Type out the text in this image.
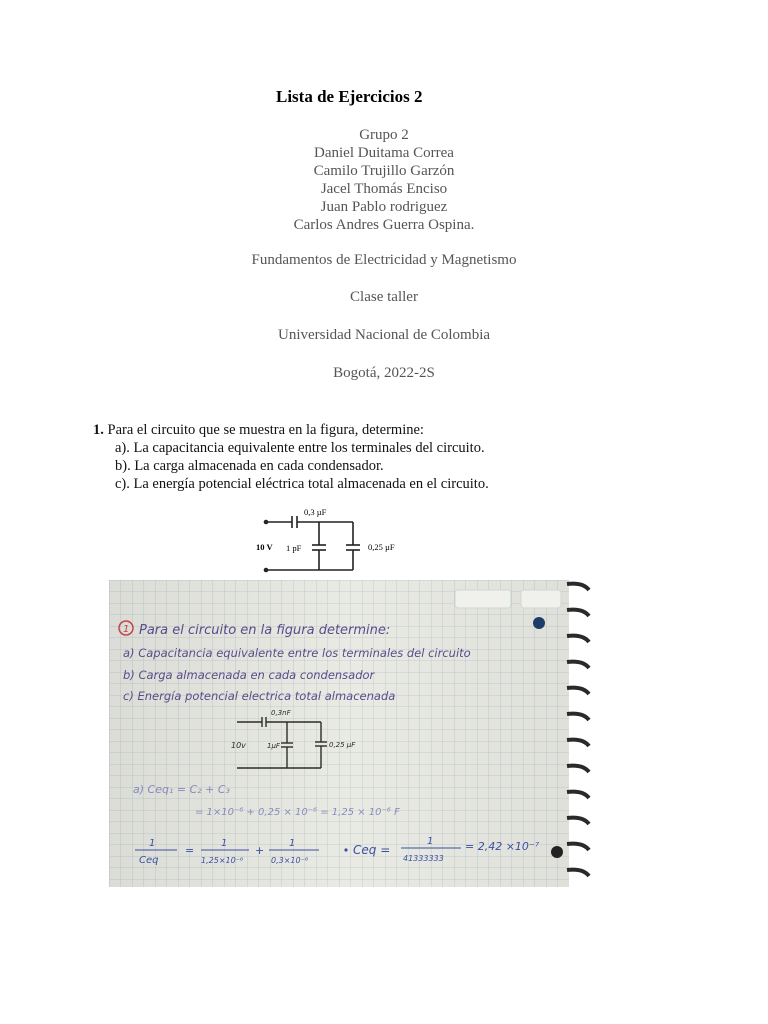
Lista de Ejercicios 2
Grupo 2
Daniel Duitama Correa
Camilo Trujillo Garzón
Jacel Thomás Enciso
Juan Pablo rodriguez
Carlos Andres Guerra Ospina.
Fundamentos de Electricidad y Magnetismo
Clase taller
Universidad Nacional de Colombia
Bogotá, 2022-2S
1. Para el circuito que se muestra en la figura, determine:
a). La capacitancia equivalente entre los terminales del circuito.
b). La carga almacenada en cada condensador.
c). La energía potencial eléctrica total almacenada en el circuito.
0,3 µF
10 V 1 pF	0,25 µF
1 Para el circuito en la figura determine:
a) Capacitancia equivalente entre los terminales del circuito
b) Carga almacenada en cada condensador
c) Energía potencial electrica total almacenada
0,3nF
10v	1µF	0,25 µF
a) Ceq₁ = C₂ + C₃
= 1×10⁻⁶ + 0,25 × 10⁻⁶ = 1,25 × 10⁻⁶ F
1
Ceq
=
1
1,25×10⁻⁶
+
1
0,3×10⁻⁶
Ceq =
1
41333333
= 2,42 ×10⁻⁷
